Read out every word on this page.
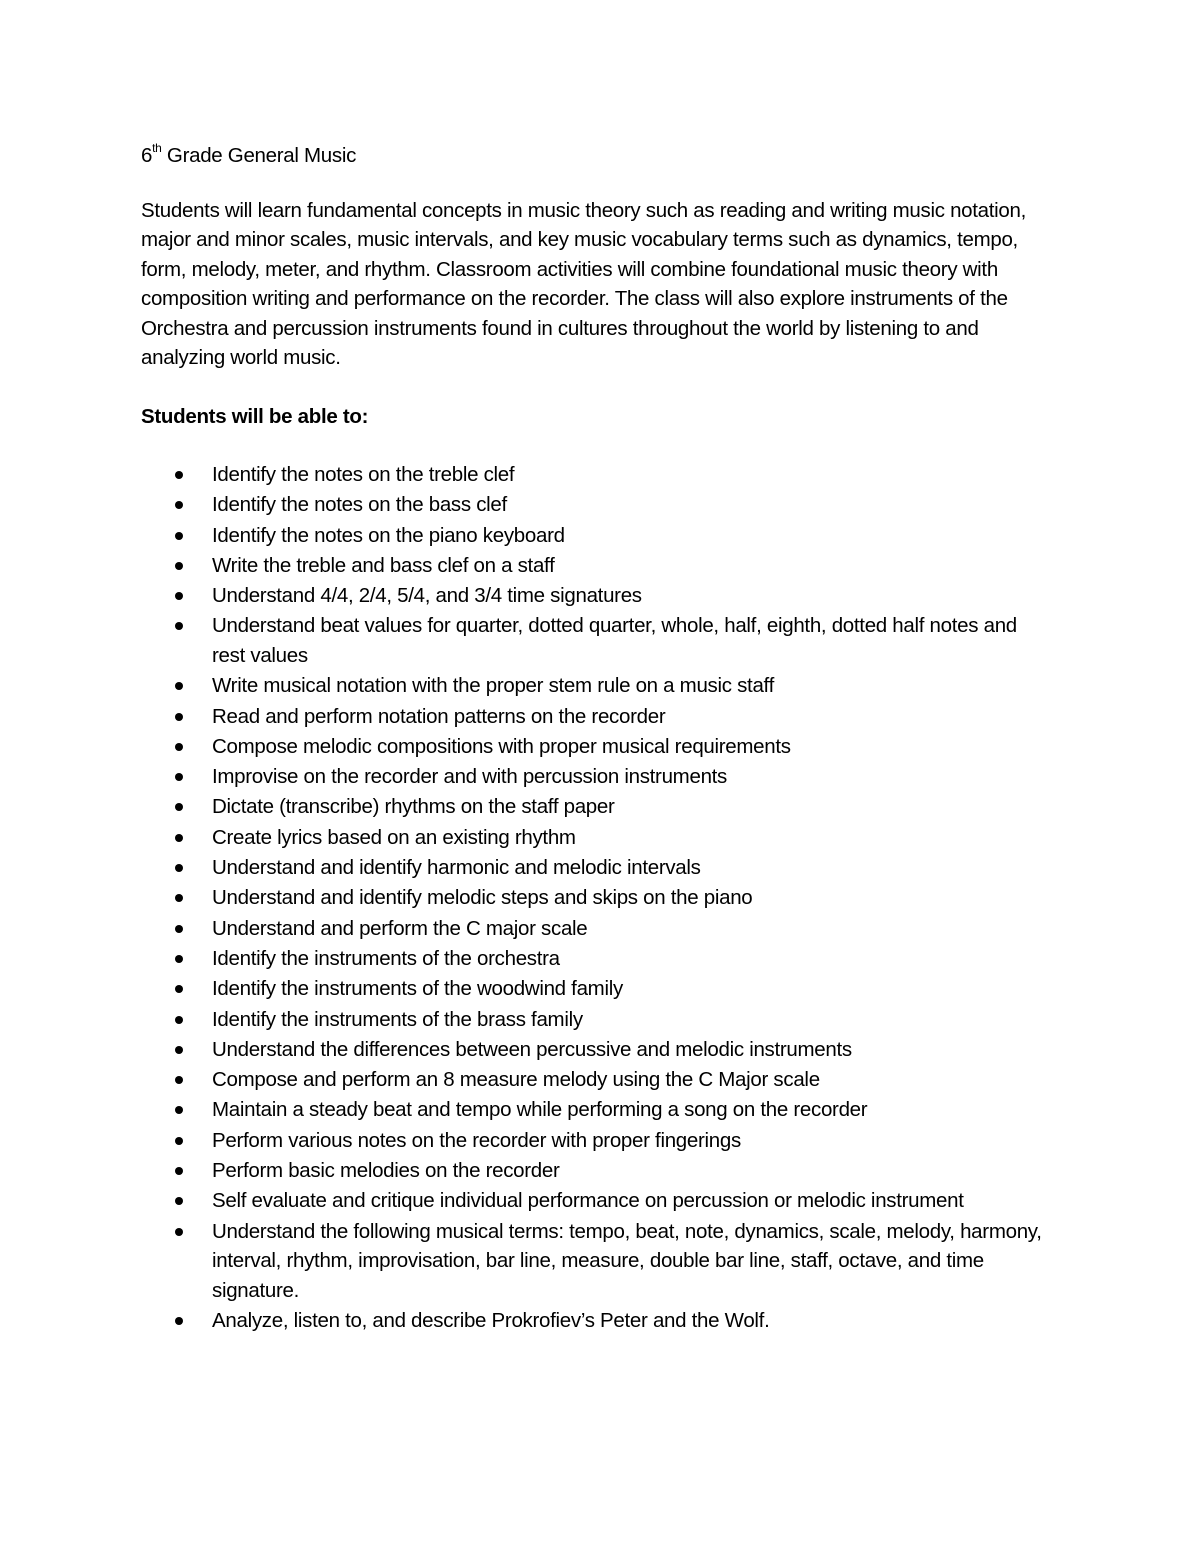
6th Grade General Music

Students will learn fundamental concepts in music theory such as reading and writing music notation, major and minor scales, music intervals, and key music vocabulary terms such as dynamics, tempo, form, melody, meter, and rhythm. Classroom activities will combine foundational music theory with composition writing and performance on the recorder. The class will also explore instruments of the Orchestra and percussion instruments found in cultures throughout the world by listening to and analyzing world music.

Students will be able to:

Identify the notes on the treble clef
Identify the notes on the bass clef
Identify the notes on the piano keyboard
Write the treble and bass clef on a staff
Understand 4/4, 2/4, 5/4, and 3/4 time signatures
Understand beat values for quarter, dotted quarter, whole, half, eighth, dotted half notes and rest values
Write musical notation with the proper stem rule on a music staff
Read and perform notation patterns on the recorder
Compose melodic compositions with proper musical requirements
Improvise on the recorder and with percussion instruments
Dictate (transcribe) rhythms on the staff paper
Create lyrics based on an existing rhythm
Understand and identify harmonic and melodic intervals
Understand and identify melodic steps and skips on the piano
Understand and perform the C major scale
Identify the instruments of the orchestra
Identify the instruments of the woodwind family
Identify the instruments of the brass family
Understand the differences between percussive and melodic instruments
Compose and perform an 8 measure melody using the C Major scale
Maintain a steady beat and tempo while performing a song on the recorder
Perform various notes on the recorder with proper fingerings
Perform basic melodies on the recorder
Self evaluate and critique individual performance on percussion or melodic instrument
Understand the following musical terms: tempo, beat, note, dynamics, scale, melody, harmony, interval, rhythm, improvisation, bar line, measure, double bar line, staff, octave, and time signature.
Analyze, listen to, and describe Prokrofiev’s Peter and the Wolf.
